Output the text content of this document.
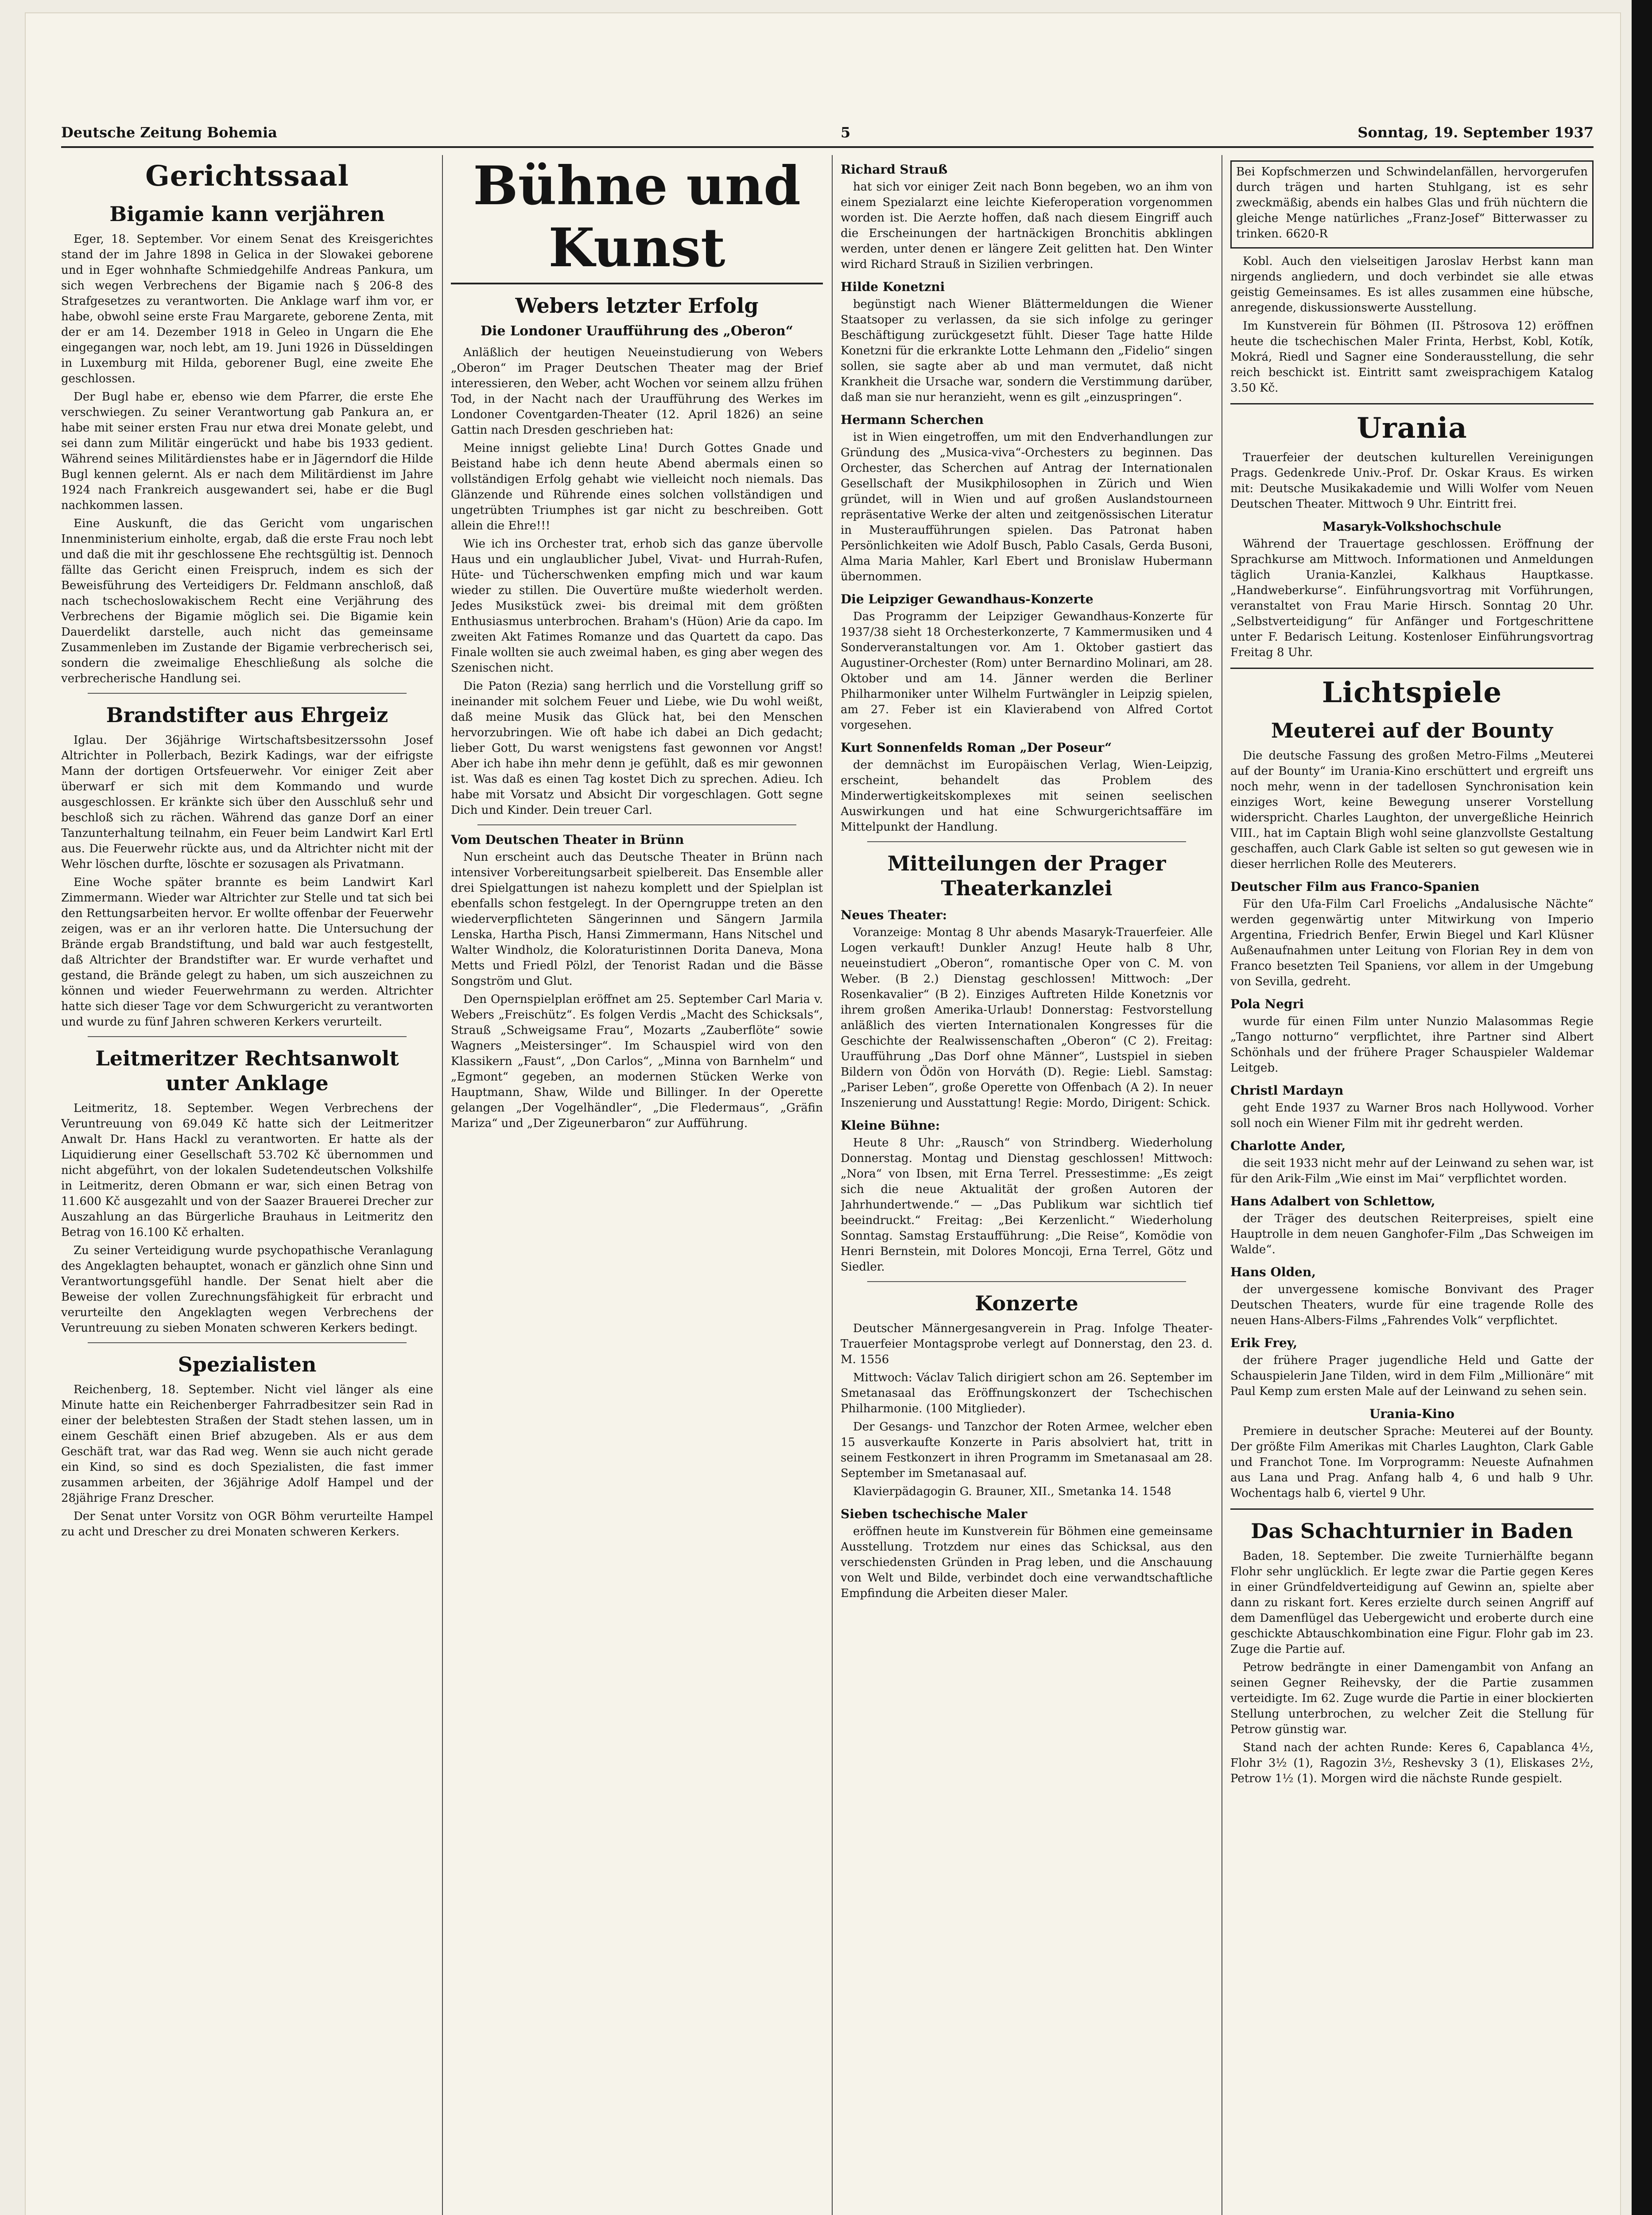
Deutsche Zeitung Bohemia	5	Sonntag, 19. September 1937
Gerichtssaal
Bigamie kann verjähren

Eger, 18. September. Vor einem Senat des Kreisgerichtes stand der im Jahre 1898 in Gelica in der Slowakei geborene und in Eger wohnhafte Schmiedgehilfe Andreas Pankura, um sich wegen Verbrechens der Bigamie nach § 206-8 des Strafgesetzes zu verantworten. Die Anklage warf ihm vor, er habe, obwohl seine erste Frau Margarete, geborene Zenta, mit der er am 14. Dezember 1918 in Geleo in Ungarn die Ehe eingegangen war, noch lebt, am 19. Juni 1926 in Düsseldingen in Luxemburg mit Hilda, geborener Bugl, eine zweite Ehe geschlossen.

Der Bugl habe er, ebenso wie dem Pfarrer, die erste Ehe verschwiegen. Zu seiner Verantwortung gab Pankura an, er habe mit seiner ersten Frau nur etwa drei Monate gelebt, und sei dann zum Militär eingerückt und habe bis 1933 gedient. Während seines Militärdienstes habe er in Jägerndorf die Hilde Bugl kennen gelernt. Als er nach dem Militärdienst im Jahre 1924 nach Frankreich ausgewandert sei, habe er die Bugl nachkommen lassen.

Eine Auskunft, die das Gericht vom ungarischen Innenministerium einholte, ergab, daß die erste Frau noch lebt und daß die mit ihr geschlossene Ehe rechtsgültig ist. Dennoch fällte das Gericht einen Freispruch, indem es sich der Beweisführung des Verteidigers Dr. Feldmann anschloß, daß nach tschechoslowakischem Recht eine Verjährung des Verbrechens der Bigamie möglich sei. Die Bigamie kein Dauerdelikt darstelle, auch nicht das gemeinsame Zusammenleben im Zustande der Bigamie verbrecherisch sei, sondern die zweimalige Eheschließung als solche die verbrecherische Handlung sei.

Brandstifter aus Ehrgeiz

Iglau. Der 36jährige Wirtschaftsbesitzerssohn Josef Altrichter in Pollerbach, Bezirk Kadings, war der eifrigste Mann der dortigen Ortsfeuerwehr. Vor einiger Zeit aber überwarf er sich mit dem Kommando und wurde ausgeschlossen. Er kränkte sich über den Ausschluß sehr und beschloß sich zu rächen. Während das ganze Dorf an einer Tanzunterhaltung teilnahm, ein Feuer beim Landwirt Karl Ertl aus. Die Feuerwehr rückte aus, und da Altrichter nicht mit der Wehr löschen durfte, löschte er sozusagen als Privatmann.

Eine Woche später brannte es beim Landwirt Karl Zimmermann. Wieder war Altrichter zur Stelle und tat sich bei den Rettungsarbeiten hervor. Er wollte offenbar der Feuerwehr zeigen, was er an ihr verloren hatte. Die Untersuchung der Brände ergab Brandstiftung, und bald war auch festgestellt, daß Altrichter der Brandstifter war. Er wurde verhaftet und gestand, die Brände gelegt zu haben, um sich auszeichnen zu können und wieder Feuerwehrmann zu werden. Altrichter hatte sich dieser Tage vor dem Schwurgericht zu verantworten und wurde zu fünf Jahren schweren Kerkers verurteilt.

Leitmeritzer Rechtsanwolt unter Anklage

Leitmeritz, 18. September. Wegen Verbrechens der Veruntreuung von 69.049 Kč hatte sich der Leitmeritzer Anwalt Dr. Hans Hackl zu verantworten. Er hatte als der Liquidierung einer Gesellschaft 53.702 Kč übernommen und nicht abgeführt, von der lokalen Sudetendeutschen Volkshilfe in Leitmeritz, deren Obmann er war, sich einen Betrag von 11.600 Kč ausgezahlt und von der Saazer Brauerei Drecher zur Auszahlung an das Bürgerliche Brauhaus in Leitmeritz den Betrag von 16.100 Kč erhalten.

Zu seiner Verteidigung wurde psychopathische Veranlagung des Angeklagten behauptet, wonach er gänzlich ohne Sinn und Verantwortungsgefühl handle. Der Senat hielt aber die Beweise der vollen Zurechnungsfähigkeit für erbracht und verurteilte den Angeklagten wegen Verbrechens der Veruntreuung zu sieben Monaten schweren Kerkers bedingt.

Spezialisten

Reichenberg, 18. September. Nicht viel länger als eine Minute hatte ein Reichenberger Fahrradbesitzer sein Rad in einer der belebtesten Straßen der Stadt stehen lassen, um in einem Geschäft einen Brief abzugeben. Als er aus dem Geschäft trat, war das Rad weg. Wenn sie auch nicht gerade ein Kind, so sind es doch Spezialisten, die fast immer zusammen arbeiten, der 36jährige Adolf Hampel und der 28jährige Franz Drescher.

Der Senat unter Vorsitz von OGR Böhm verurteilte Hampel zu acht und Drescher zu drei Monaten schweren Kerkers.

Bühne und Kunst
Webers letzter Erfolg
Die Londoner Uraufführung des „Oberon“

Anläßlich der heutigen Neueinstudierung von Webers „Oberon“ im Prager Deutschen Theater mag der Brief interessieren, den Weber, acht Wochen vor seinem allzu frühen Tod, in der Nacht nach der Uraufführung des Werkes im Londoner Coventgarden-Theater (12. April 1826) an seine Gattin nach Dresden geschrieben hat:

Meine innigst geliebte Lina! Durch Gottes Gnade und Beistand habe ich denn heute Abend abermals einen so vollständigen Erfolg gehabt wie vielleicht noch niemals. Das Glänzende und Rührende eines solchen vollständigen und ungetrübten Triumphes ist gar nicht zu beschreiben. Gott allein die Ehre!!!

Wie ich ins Orchester trat, erhob sich das ganze übervolle Haus und ein unglaublicher Jubel, Vivat- und Hurrah-Rufen, Hüte- und Tücherschwenken empfing mich und war kaum wieder zu stillen. Die Ouvertüre mußte wiederholt werden. Jedes Musikstück zwei- bis dreimal mit dem größten Enthusiasmus unterbrochen. Braham's (Hüon) Arie da capo. Im zweiten Akt Fatimes Romanze und das Quartett da capo. Das Finale wollten sie auch zweimal haben, es ging aber wegen des Szenischen nicht.

Die Paton (Rezia) sang herrlich und die Vorstellung griff so ineinander mit solchem Feuer und Liebe, wie Du wohl weißt, daß meine Musik das Glück hat, bei den Menschen hervorzubringen. Wie oft habe ich dabei an Dich gedacht; lieber Gott, Du warst wenigstens fast gewonnen vor Angst! Aber ich habe ihn mehr denn je gefühlt, daß es mir gewonnen ist. Was daß es einen Tag kostet Dich zu sprechen. Adieu. Ich habe mit Vorsatz und Absicht Dir vorgeschlagen. Gott segne Dich und Kinder. Dein treuer Carl.

Vom Deutschen Theater in Brünn

Nun erscheint auch das Deutsche Theater in Brünn nach intensiver Vorbereitungsarbeit spielbereit. Das Ensemble aller drei Spielgattungen ist nahezu komplett und der Spielplan ist ebenfalls schon festgelegt. In der Operngruppe treten an den wiederverpflichteten Sängerinnen und Sängern Jarmila Lenska, Hartha Pisch, Hansi Zimmermann, Hans Nitschel und Walter Windholz, die Koloraturistinnen Dorita Daneva, Mona Metts und Friedl Pölzl, der Tenorist Radan und die Bässe Songström und Glut.

Den Opernspielplan eröffnet am 25. September Carl Maria v. Webers „Freischütz“. Es folgen Verdis „Macht des Schicksals“, Strauß „Schweigsame Frau“, Mozarts „Zauberflöte“ sowie Wagners „Meistersinger“. Im Schauspiel wird von den Klassikern „Faust“, „Don Carlos“, „Minna von Barnhelm“ und „Egmont“ gegeben, an modernen Stücken Werke von Hauptmann, Shaw, Wilde und Billinger. In der Operette gelangen „Der Vogelhändler“, „Die Fledermaus“, „Gräfin Mariza“ und „Der Zigeunerbaron“ zur Aufführung.

Richard Strauß

hat sich vor einiger Zeit nach Bonn begeben, wo an ihm von einem Spezialarzt eine leichte Kieferoperation vorgenommen worden ist. Die Aerzte hoffen, daß nach diesem Eingriff auch die Erscheinungen der hartnäckigen Bronchitis abklingen werden, unter denen er längere Zeit gelitten hat. Den Winter wird Richard Strauß in Sizilien verbringen.

Hilde Konetzni

begünstigt nach Wiener Blättermeldungen die Wiener Staatsoper zu verlassen, da sie sich infolge zu geringer Beschäftigung zurückgesetzt fühlt. Dieser Tage hatte Hilde Konetzni für die erkrankte Lotte Lehmann den „Fidelio“ singen sollen, sie sagte aber ab und man vermutet, daß nicht Krankheit die Ursache war, sondern die Verstimmung darüber, daß man sie nur heranzieht, wenn es gilt „einzuspringen“.

Hermann Scherchen

ist in Wien eingetroffen, um mit den Endverhandlungen zur Gründung des „Musica-viva“-Orchesters zu beginnen. Das Orchester, das Scherchen auf Antrag der Internationalen Gesellschaft der Musikphilosophen in Zürich und Wien gründet, will in Wien und auf großen Auslandstourneen repräsentative Werke der alten und zeitgenössischen Literatur in Musteraufführungen spielen. Das Patronat haben Persönlichkeiten wie Adolf Busch, Pablo Casals, Gerda Busoni, Alma Maria Mahler, Karl Ebert und Bronislaw Hubermann übernommen.

Die Leipziger Gewandhaus-Konzerte

Das Programm der Leipziger Gewandhaus-Konzerte für 1937/38 sieht 18 Orchesterkonzerte, 7 Kammermusiken und 4 Sonderveranstaltungen vor. Am 1. Oktober gastiert das Augustiner-Orchester (Rom) unter Bernardino Molinari, am 28. Oktober und am 14. Jänner werden die Berliner Philharmoniker unter Wilhelm Furtwängler in Leipzig spielen, am 27. Feber ist ein Klavierabend von Alfred Cortot vorgesehen.

Kurt Sonnenfelds Roman „Der Poseur“

der demnächst im Europäischen Verlag, Wien-Leipzig, erscheint, behandelt das Problem des Minderwertigkeitskomplexes mit seinen seelischen Auswirkungen und hat eine Schwurgerichtsaffäre im Mittelpunkt der Handlung.

Mitteilungen der Prager Theaterkanzlei
Neues Theater:

Voranzeige: Montag 8 Uhr abends Masaryk-Trauerfeier. Alle Logen verkauft! Dunkler Anzug! Heute halb 8 Uhr, neueinstudiert „Oberon“, romantische Oper von C. M. von Weber. (B 2.) Dienstag geschlossen! Mittwoch: „Der Rosenkavalier“ (B 2). Einziges Auftreten Hilde Konetznis vor ihrem großen Amerika-Urlaub! Donnerstag: Festvorstellung anläßlich des vierten Internationalen Kongresses für die Geschichte der Realwissenschaften „Oberon“ (C 2). Freitag: Uraufführung „Das Dorf ohne Männer“, Lustspiel in sieben Bildern von Ödön von Horváth (D). Regie: Liebl. Samstag: „Pariser Leben“, große Operette von Offenbach (A 2). In neuer Inszenierung und Ausstattung! Regie: Mordo, Dirigent: Schick.

Kleine Bühne:

Heute 8 Uhr: „Rausch“ von Strindberg. Wiederholung Donnerstag. Montag und Dienstag geschlossen! Mittwoch: „Nora“ von Ibsen, mit Erna Terrel. Pressestimme: „Es zeigt sich die neue Aktualität der großen Autoren der Jahrhundertwende.“ — „Das Publikum war sichtlich tief beeindruckt.“ Freitag: „Bei Kerzenlicht.“ Wiederholung Sonntag. Samstag Erstaufführung: „Die Reise“, Komödie von Henri Bernstein, mit Dolores Moncoji, Erna Terrel, Götz und Siedler.

Konzerte

Deutscher Männergesangverein in Prag. Infolge Theater-Trauerfeier Montagsprobe verlegt auf Donnerstag, den 23. d. M. 1556

Mittwoch: Václav Talich dirigiert schon am 26. September im Smetanasaal das Eröffnungskonzert der Tschechischen Philharmonie. (100 Mitglieder).

Der Gesangs- und Tanzchor der Roten Armee, welcher eben 15 ausverkaufte Konzerte in Paris absolviert hat, tritt in seinem Festkonzert in ihren Programm im Smetanasaal am 28. September im Smetanasaal auf.

Klavierpädagogin G. Brauner, XII., Smetanka 14. 1548

Sieben tschechische Maler

eröffnen heute im Kunstverein für Böhmen eine gemeinsame Ausstellung. Trotzdem nur eines das Schicksal, aus den verschiedensten Gründen in Prag leben, und die Anschauung von Welt und Bilde, verbindet doch eine verwandtschaftliche Empfindung die Arbeiten dieser Maler.

Bei Kopfschmerzen und Schwindelanfällen, hervorgerufen durch trägen und harten Stuhlgang, ist es sehr zweckmäßig, abends ein halbes Glas und früh nüchtern die gleiche Menge natürliches „Franz-Josef“ Bitterwasser zu trinken. 6620-R

Kobl. Auch den vielseitigen Jaroslav Herbst kann man nirgends angliedern, und doch verbindet sie alle etwas geistig Gemeinsames. Es ist alles zusammen eine hübsche, anregende, diskussionswerte Ausstellung.

Im Kunstverein für Böhmen (II. Pštrosova 12) eröffnen heute die tschechischen Maler Frinta, Herbst, Kobl, Kotík, Mokrá, Riedl und Sagner eine Sonderausstellung, die sehr reich beschickt ist. Eintritt samt zweisprachigem Katalog 3.50 Kč.

Urania

Trauerfeier der deutschen kulturellen Vereinigungen Prags. Gedenkrede Univ.-Prof. Dr. Oskar Kraus. Es wirken mit: Deutsche Musikakademie und Willi Wolfer vom Neuen Deutschen Theater. Mittwoch 9 Uhr. Eintritt frei.

Masaryk-Volkshochschule

Während der Trauertage geschlossen. Eröffnung der Sprachkurse am Mittwoch. Informationen und Anmeldungen täglich Urania-Kanzlei, Kalkhaus Hauptkasse. „Handweberkurse“. Einführungsvortrag mit Vorführungen, veranstaltet von Frau Marie Hirsch. Sonntag 20 Uhr. „Selbstverteidigung“ für Anfänger und Fortgeschrittene unter F. Bedarisch Leitung. Kostenloser Einführungsvortrag Freitag 8 Uhr.

Lichtspiele
Meuterei auf der Bounty

Die deutsche Fassung des großen Metro-Films „Meuterei auf der Bounty“ im Urania-Kino erschüttert und ergreift uns noch mehr, wenn in der tadellosen Synchronisation kein einziges Wort, keine Bewegung unserer Vorstellung widerspricht. Charles Laughton, der unvergeßliche Heinrich VIII., hat im Captain Bligh wohl seine glanzvollste Gestaltung geschaffen, auch Clark Gable ist selten so gut gewesen wie in dieser herrlichen Rolle des Meuterers.

Deutscher Film aus Franco-Spanien

Für den Ufa-Film Carl Froelichs „Andalusische Nächte“ werden gegenwärtig unter Mitwirkung von Imperio Argentina, Friedrich Benfer, Erwin Biegel und Karl Klüsner Außenaufnahmen unter Leitung von Florian Rey in dem von Franco besetzten Teil Spaniens, vor allem in der Umgebung von Sevilla, gedreht.

Pola Negri

wurde für einen Film unter Nunzio Malasommas Regie „Tango notturno“ verpflichtet, ihre Partner sind Albert Schönhals und der frühere Prager Schauspieler Waldemar Leitgeb.

Christl Mardayn

geht Ende 1937 zu Warner Bros nach Hollywood. Vorher soll noch ein Wiener Film mit ihr gedreht werden.

Charlotte Ander,

die seit 1933 nicht mehr auf der Leinwand zu sehen war, ist für den Arik-Film „Wie einst im Mai“ verpflichtet worden.

Hans Adalbert von Schlettow,

der Träger des deutschen Reiterpreises, spielt eine Hauptrolle in dem neuen Ganghofer-Film „Das Schweigen im Walde“.

Hans Olden,

der unvergessene komische Bonvivant des Prager Deutschen Theaters, wurde für eine tragende Rolle des neuen Hans-Albers-Films „Fahrendes Volk“ verpflichtet.

Erik Frey,

der frühere Prager jugendliche Held und Gatte der Schauspielerin Jane Tilden, wird in dem Film „Millionäre“ mit Paul Kemp zum ersten Male auf der Leinwand zu sehen sein.

Urania-Kino

Premiere in deutscher Sprache: Meuterei auf der Bounty. Der größte Film Amerikas mit Charles Laughton, Clark Gable und Franchot Tone. Im Vorprogramm: Neueste Aufnahmen aus Lana und Prag. Anfang halb 4, 6 und halb 9 Uhr. Wochentags halb 6, viertel 9 Uhr.

Das Schachturnier in Baden

Baden, 18. September. Die zweite Turnierhälfte begann Flohr sehr unglücklich. Er legte zwar die Partie gegen Keres in einer Gründfeldverteidigung auf Gewinn an, spielte aber dann zu riskant fort. Keres erzielte durch seinen Angriff auf dem Damenflügel das Uebergewicht und eroberte durch eine geschickte Abtauschkombination eine Figur. Flohr gab im 23. Zuge die Partie auf.

Petrow bedrängte in einer Damengambit von Anfang an seinen Gegner Reihevsky, der die Partie zusammen verteidigte. Im 62. Zuge wurde die Partie in einer blockierten Stellung unterbrochen, zu welcher Zeit die Stellung für Petrow günstig war.

Stand nach der achten Runde: Keres 6, Capablanca 4½, Flohr 3½ (1), Ragozin 3½, Reshevsky 3 (1), Eliskases 2½, Petrow 1½ (1). Morgen wird die nächste Runde gespielt.
